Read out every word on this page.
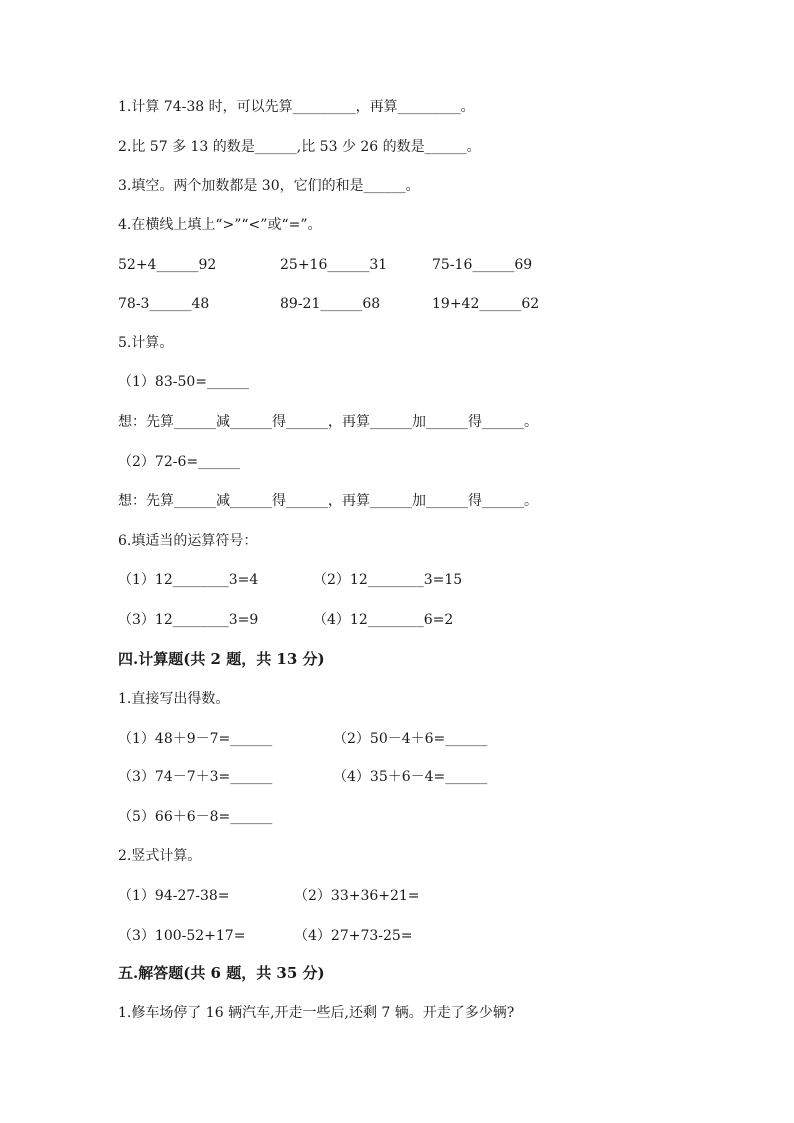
1.计算 74-38 时，可以先算_________，再算_________。
2.比 57 多 13 的数是______,比 53 少 26 的数是______。
3.填空。两个加数都是 30，它们的和是______。
4.在横线上填上“>”“<”或“=”。
52+4______92	25+16______31	75-16______69
78-3______48	89-21______68	19+42______62
5.计算。
（1）83-50=______
想：先算______减______得______，再算______加______得______。
（2）72-6=______
想：先算______减______得______，再算______加______得______。
6.填适当的运算符号：
（1）12________3=4	（2）12________3=15
（3）12________3=9	（4）12________6=2
四.计算题(共 2 题，共 13 分)
1.直接写出得数。
（1）48＋9－7=______	（2）50－4＋6=______
（3）74－7＋3=______	（4）35＋6－4=______
（5）66＋6－8=______
2.竖式计算。
（1）94-27-38=	（2）33+36+21=
（3）100-52+17=	（4）27+73-25=
五.解答题(共 6 题，共 35 分)
1.修车场停了 16 辆汽车,开走一些后,还剩 7 辆。开走了多少辆?
